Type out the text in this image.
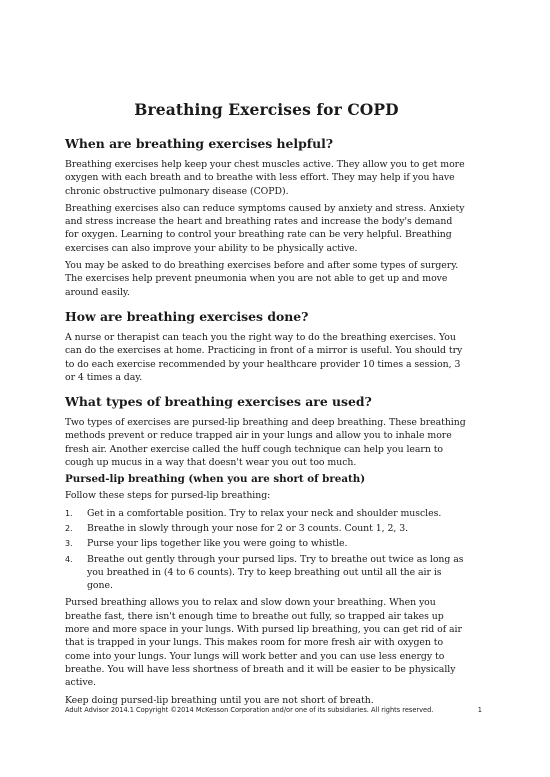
Breathing Exercises for COPD
When are breathing exercises helpful?

Breathing exercises help keep your chest muscles active. They allow you to get more oxygen with each breath and to breathe with less effort. They may help if you have chronic obstructive pulmonary disease (COPD).

Breathing exercises also can reduce symptoms caused by anxiety and stress. Anxiety and stress increase the heart and breathing rates and increase the body's demand for oxygen. Learning to control your breathing rate can be very helpful. Breathing exercises can also improve your ability to be physically active.

You may be asked to do breathing exercises before and after some types of surgery. The exercises help prevent pneumonia when you are not able to get up and move around easily.

How are breathing exercises done?

A nurse or therapist can teach you the right way to do the breathing exercises. You can do the exercises at home. Practicing in front of a mirror is useful. You should try to do each exercise recommended by your healthcare provider 10 times a session, 3 or 4 times a day.

What types of breathing exercises are used?

Two types of exercises are pursed-lip breathing and deep breathing. These breathing methods prevent or reduce trapped air in your lungs and allow you to inhale more fresh air. Another exercise called the huff cough technique can help you learn to cough up mucus in a way that doesn't wear you out too much.

Pursed-lip breathing (when you are short of breath)

Follow these steps for pursed-lip breathing:

1. Get in a comfortable position. Try to relax your neck and shoulder muscles.
2. Breathe in slowly through your nose for 2 or 3 counts. Count 1, 2, 3.
3. Purse your lips together like you were going to whistle.
4. Breathe out gently through your pursed lips. Try to breathe out twice as long as you breathed in (4 to 6 counts). Try to keep breathing out until all the air is gone.

Pursed breathing allows you to relax and slow down your breathing. When you breathe fast, there isn't enough time to breathe out fully, so trapped air takes up more and more space in your lungs. With pursed lip breathing, you can get rid of air that is trapped in your lungs. This makes room for more fresh air with oxygen to come into your lungs. Your lungs will work better and you can use less energy to breathe. You will have less shortness of breath and it will be easier to be physically active.

Keep doing pursed-lip breathing until you are not short of breath.

Adult Advisor 2014.1 Copyright ©2014 McKesson Corporation and/or one of its subsidiaries. All rights reserved.	1
